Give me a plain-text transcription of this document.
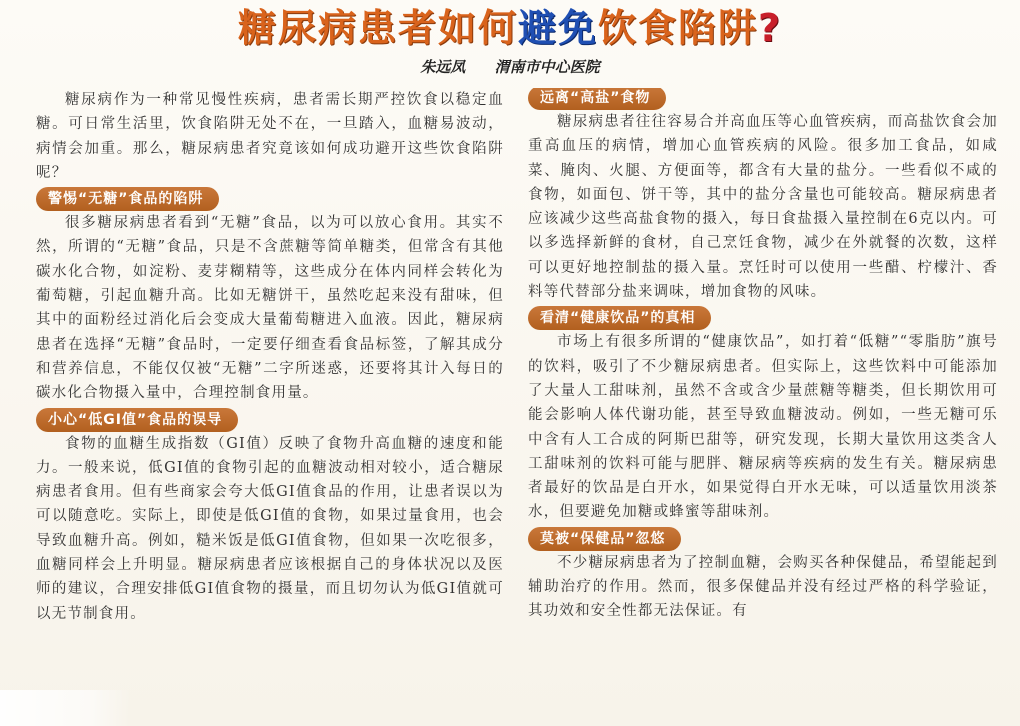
糖尿病患者如何避免饮食陷阱?
朱远凤 渭南市中心医院

糖尿病作为一种常见慢性疾病，患者需长期严控饮食以稳定血糖。可日常生活里，饮食陷阱无处不在，一旦踏入，血糖易波动，病情会加重。那么，糖尿病患者究竟该如何成功避开这些饮食陷阱呢？

警惕“无糖”食品的陷阱

很多糖尿病患者看到“无糖”食品，以为可以放心食用。其实不然，所谓的“无糖”食品，只是不含蔗糖等简单糖类，但常含有其他碳水化合物，如淀粉、麦芽糊精等，这些成分在体内同样会转化为葡萄糖，引起血糖升高。比如无糖饼干，虽然吃起来没有甜味，但其中的面粉经过消化后会变成大量葡萄糖进入血液。因此，糖尿病患者在选择“无糖”食品时，一定要仔细查看食品标签，了解其成分和营养信息，不能仅仅被“无糖”二字所迷惑，还要将其计入每日的碳水化合物摄入量中，合理控制食用量。

小心“低GI值”食品的误导

食物的血糖生成指数（GI值）反映了食物升高血糖的速度和能力。一般来说，低GI值的食物引起的血糖波动相对较小，适合糖尿病患者食用。但有些商家会夸大低GI值食品的作用，让患者误以为可以随意吃。实际上，即使是低GI值的食物，如果过量食用，也会导致血糖升高。例如，糙米饭是低GI值食物，但如果一次吃很多，血糖同样会上升明显。糖尿病患者应该根据自己的身体状况以及医师的建议，合理安排低GI值食物的摄量，而且切勿认为低GI值就可以无节制食用。

远离“高盐”食物

糖尿病患者往往容易合并高血压等心血管疾病，而高盐饮食会加重高血压的病情，增加心血管疾病的风险。很多加工食品，如咸菜、腌肉、火腿、方便面等，都含有大量的盐分。一些看似不咸的食物，如面包、饼干等，其中的盐分含量也可能较高。糖尿病患者应该减少这些高盐食物的摄入，每日食盐摄入量控制在6克以内。可以多选择新鲜的食材，自己烹饪食物，减少在外就餐的次数，这样可以更好地控制盐的摄入量。烹饪时可以使用一些醋、柠檬汁、香料等代替部分盐来调味，增加食物的风味。

看清“健康饮品”的真相

市场上有很多所谓的“健康饮品”，如打着“低糖”“零脂肪”旗号的饮料，吸引了不少糖尿病患者。但实际上，这些饮料中可能添加了大量人工甜味剂，虽然不含或含少量蔗糖等糖类，但长期饮用可能会影响人体代谢功能，甚至导致血糖波动。例如，一些无糖可乐中含有人工合成的阿斯巴甜等，研究发现，长期大量饮用这类含人工甜味剂的饮料可能与肥胖、糖尿病等疾病的发生有关。糖尿病患者最好的饮品是白开水，如果觉得白开水无味，可以适量饮用淡茶水，但要避免加糖或蜂蜜等甜味剂。

莫被“保健品”忽悠

不少糖尿病患者为了控制血糖，会购买各种保健品，希望能起到辅助治疗的作用。然而，很多保健品并没有经过严格的科学验证，其功效和安全性都无法保证。有
